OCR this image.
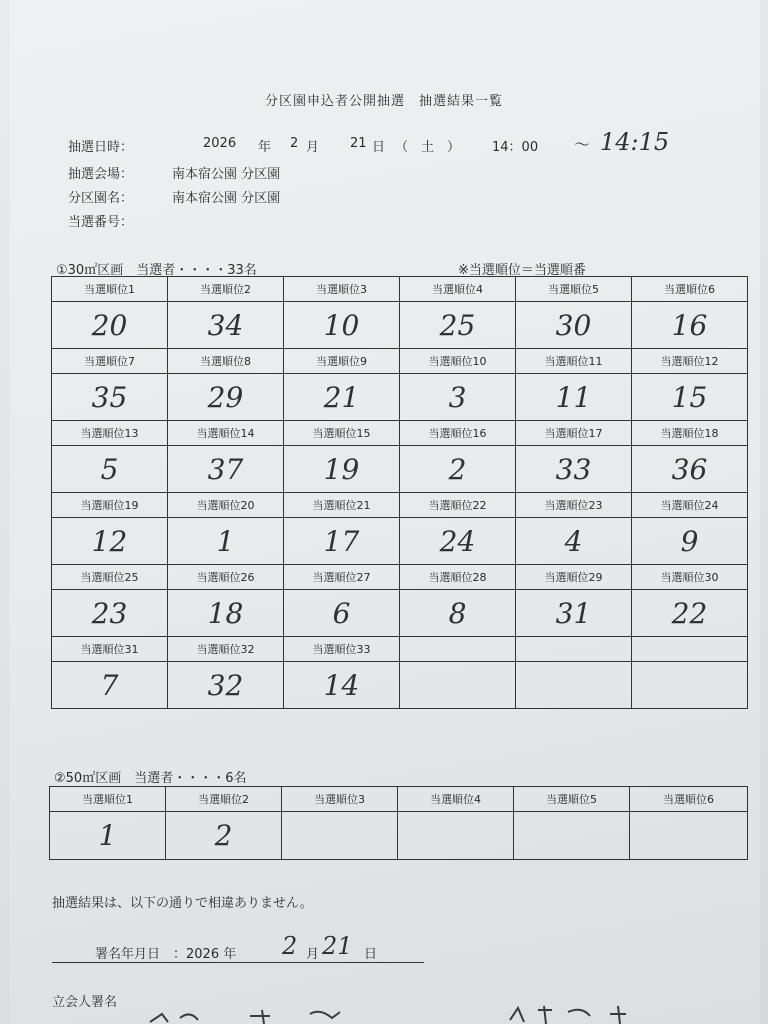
分区園申込者公開抽選　抽選結果一覧
抽選日時：	2026 年 2 月 21 日 （　土　） 14：00 ～ 14:15
抽選会場：	南本宿公園 分区園
分区園名：	南本宿公園 分区園
当選番号：
①30㎡区画　当選者・・・・33名	※当選順位＝当選順番
当選順位1	当選順位2	当選順位3	当選順位4	当選順位5	当選順位6
20	34	10	25	30	16
当選順位7	当選順位8	当選順位9	当選順位10	当選順位11	当選順位12
35	29	21	3	11	15
当選順位13	当選順位14	当選順位15	当選順位16	当選順位17	当選順位18
5	37	19	2	33	36
当選順位19	当選順位20	当選順位21	当選順位22	当選順位23	当選順位24
12	1	17	24	4	9
当選順位25	当選順位26	当選順位27	当選順位28	当選順位29	当選順位30
23	18	6	8	31	22
当選順位31	当選順位32	当選順位33			
7	32	14			
②50㎡区画　当選者・・・・6名
当選順位1	当選順位2	当選順位3	当選順位4	当選順位5	当選順位6
1	2				
抽選結果は、以下の通りで相違ありません。
署名年月日　：2026 年 2 月 21 日
立会人署名
